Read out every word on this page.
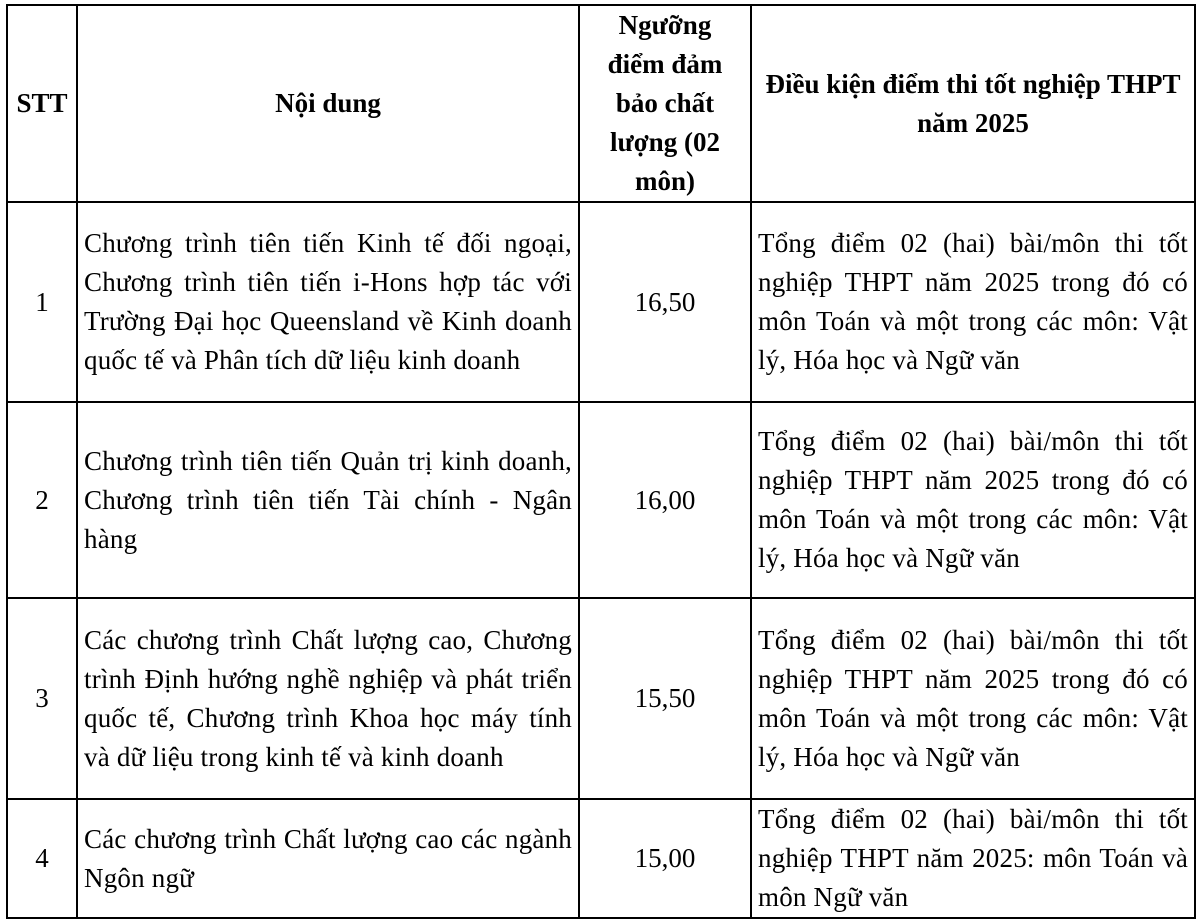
STT	Nội dung	Ngưỡng điểm đảm bảo chất lượng (02 môn)	Điều kiện điểm thi tốt nghiệp THPT năm 2025
1	Chương trình tiên tiến Kinh tế đối ngoại, Chương trình tiên tiến i-Hons hợp tác với Trường Đại học Queensland về Kinh doanh quốc tế và Phân tích dữ liệu kinh doanh	16,50	Tổng điểm 02 (hai) bài/môn thi tốt nghiệp THPT năm 2025 trong đó có môn Toán và một trong các môn: Vật lý, Hóa học và Ngữ văn
2	Chương trình tiên tiến Quản trị kinh doanh, Chương trình tiên tiến Tài chính - Ngân hàng	16,00	Tổng điểm 02 (hai) bài/môn thi tốt nghiệp THPT năm 2025 trong đó có môn Toán và một trong các môn: Vật lý, Hóa học và Ngữ văn
3	Các chương trình Chất lượng cao, Chương trình Định hướng nghề nghiệp và phát triển quốc tế, Chương trình Khoa học máy tính và dữ liệu trong kinh tế và kinh doanh	15,50	Tổng điểm 02 (hai) bài/môn thi tốt nghiệp THPT năm 2025 trong đó có môn Toán và một trong các môn: Vật lý, Hóa học và Ngữ văn
4	Các chương trình Chất lượng cao các ngành Ngôn ngữ	15,00	Tổng điểm 02 (hai) bài/môn thi tốt nghiệp THPT năm 2025: môn Toán và môn Ngữ văn
